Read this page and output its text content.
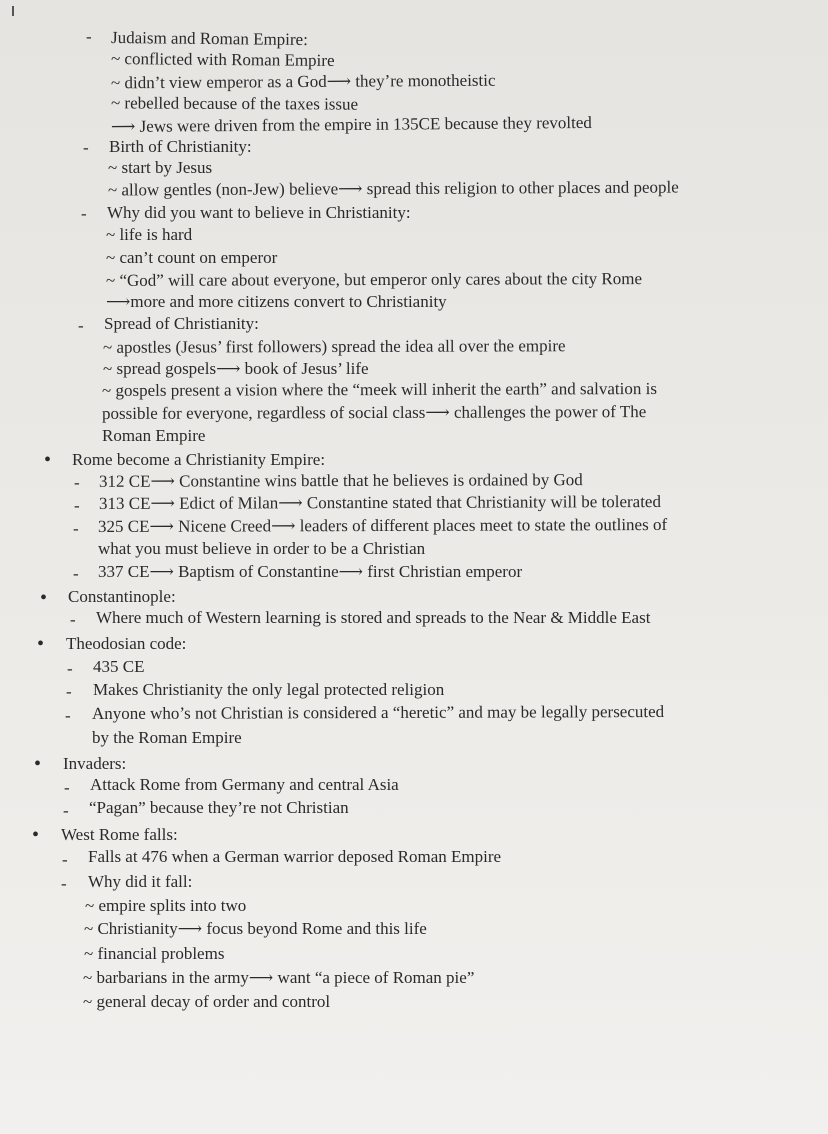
- Judaism and Roman Empire:
~ conflicted with Roman Empire
~ didn’t view emperor as a God⟶ they’re monotheistic
~ rebelled because of the taxes issue
⟶ Jews were driven from the empire in 135CE because they revolted
- Birth of Christianity:
~ start by Jesus
~ allow gentles (non-Jew) believe⟶ spread this religion to other places and people
- Why did you want to believe in Christianity:
~ life is hard
~ can’t count on emperor
~ “God” will care about everyone, but emperor only cares about the city Rome
⟶more and more citizens convert to Christianity
- Spread of Christianity:
~ apostles (Jesus’ first followers) spread the idea all over the empire
~ spread gospels⟶ book of Jesus’ life
~ gospels present a vision where the “meek will inherit the earth” and salvation is
possible for everyone, regardless of social class⟶ challenges the power of The
Roman Empire
• Rome become a Christianity Empire:
- 312 CE⟶ Constantine wins battle that he believes is ordained by God
- 313 CE⟶ Edict of Milan⟶ Constantine stated that Christianity will be tolerated
- 325 CE⟶ Nicene Creed⟶ leaders of different places meet to state the outlines of
what you must believe in order to be a Christian
- 337 CE⟶ Baptism of Constantine⟶ first Christian emperor
• Constantinople:
- Where much of Western learning is stored and spreads to the Near & Middle East
• Theodosian code:
- 435 CE
- Makes Christianity the only legal protected religion
- Anyone who’s not Christian is considered a “heretic” and may be legally persecuted
by the Roman Empire
• Invaders:
- Attack Rome from Germany and central Asia
- “Pagan” because they’re not Christian
• West Rome falls:
- Falls at 476 when a German warrior deposed Roman Empire
- Why did it fall:
~ empire splits into two
~ Christianity⟶ focus beyond Rome and this life
~ financial problems
~ barbarians in the army⟶ want “a piece of Roman pie”
~ general decay of order and control
